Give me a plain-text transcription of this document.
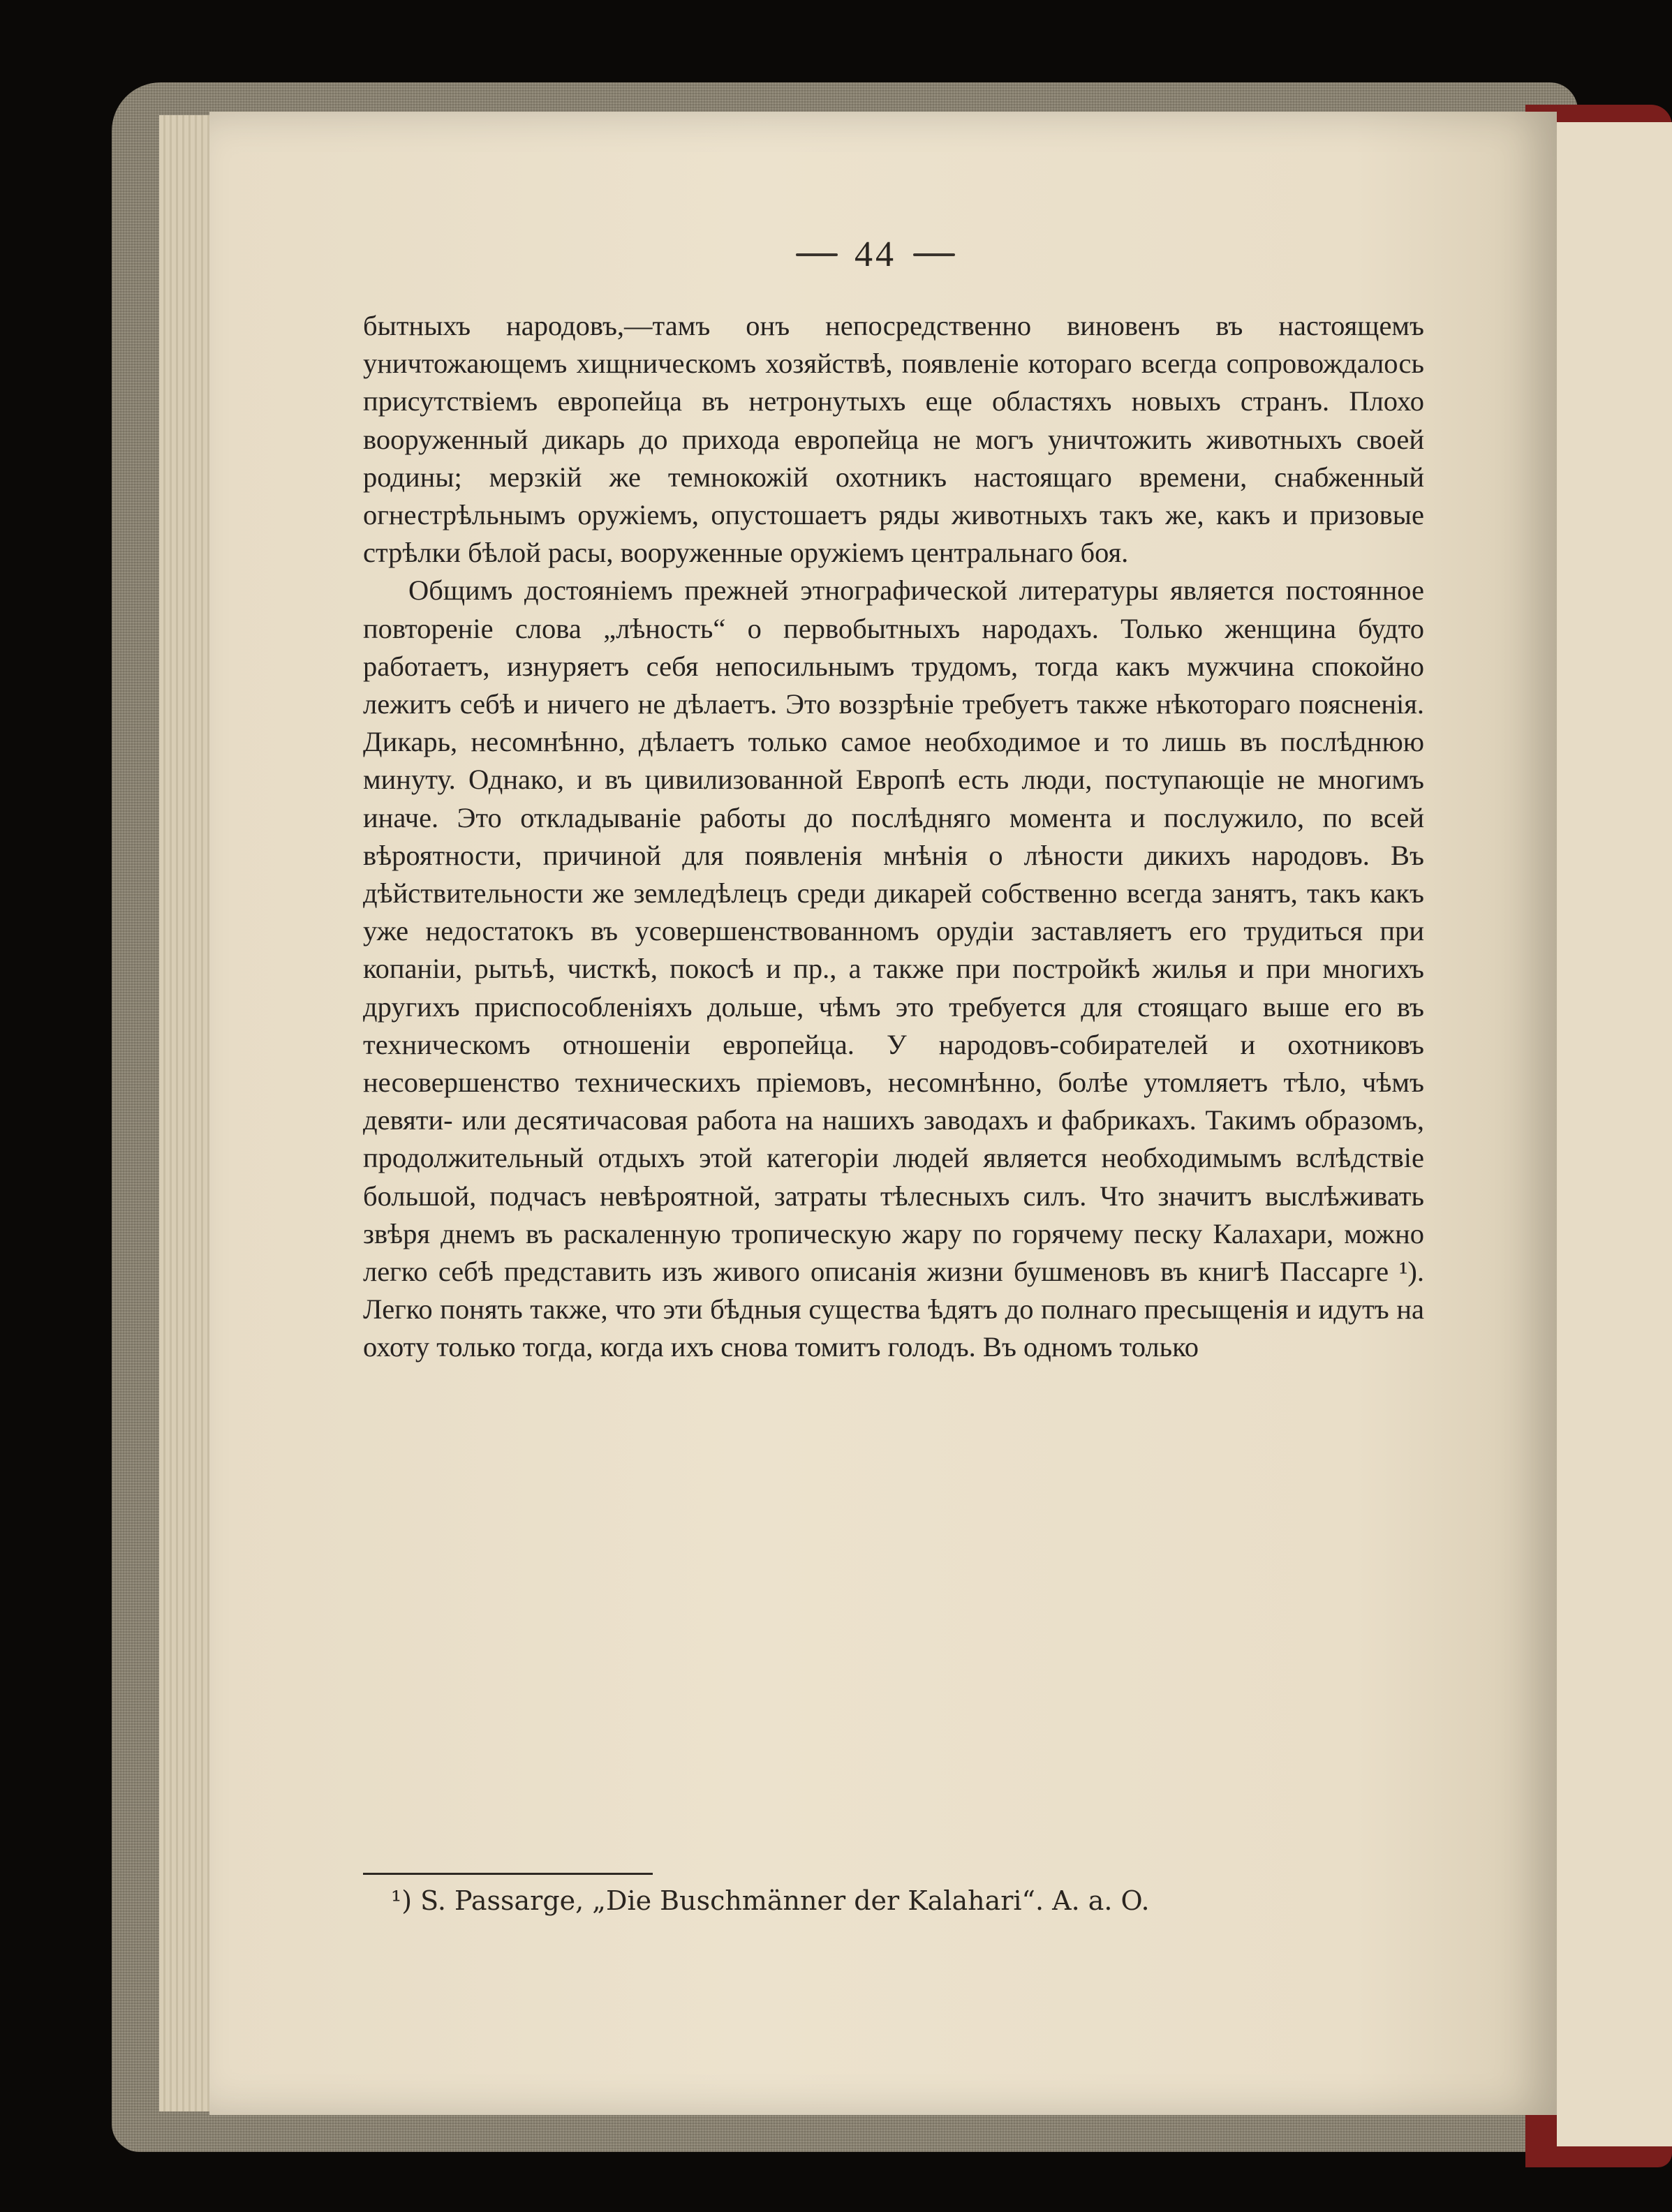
44

бытныхъ народовъ,—тамъ онъ непосредственно виновенъ въ настоящемъ уничтожающемъ хищническомъ хозяйствѣ, появленіе котораго всегда сопровождалось присутствіемъ европейца въ нетронутыхъ еще областяхъ новыхъ странъ. Плохо вооруженный дикарь до прихода европейца не могъ уничтожить животныхъ своей родины; мерзкій же темнокожій охотникъ настоящаго времени, снабженный огнестрѣльнымъ оружіемъ, опустошаетъ ряды животныхъ такъ же, какъ и призовые стрѣлки бѣлой расы, вооруженные оружіемъ центральнаго боя.

Общимъ достояніемъ прежней этнографической литературы является постоянное повтореніе слова „лѣность“ о первобытныхъ народахъ. Только женщина будто работаетъ, изнуряетъ себя непосильнымъ трудомъ, тогда какъ мужчина спокойно лежитъ себѣ и ничего не дѣлаетъ. Это воззрѣніе требуетъ также нѣкотораго поясненія. Дикарь, несомнѣнно, дѣлаетъ только самое необходимое и то лишь въ послѣднюю минуту. Однако, и въ цивилизованной Европѣ есть люди, поступающіе не многимъ иначе. Это откладываніе работы до послѣдняго момента и послужило, по всей вѣроятности, причиной для появленія мнѣнія о лѣности дикихъ народовъ. Въ дѣйствительности же земледѣлецъ среди дикарей собственно всегда занятъ, такъ какъ уже недостатокъ въ усовершенствованномъ орудіи заставляетъ его трудиться при копаніи, рытьѣ, чисткѣ, покосѣ и пр., а также при постройкѣ жилья и при многихъ другихъ приспособленіяхъ дольше, чѣмъ это требуется для стоящаго выше его въ техническомъ отношеніи европейца. У народовъ-собирателей и охотниковъ несовершенство техническихъ пріемовъ, несомнѣнно, болѣе утомляетъ тѣло, чѣмъ девяти- или десятичасовая работа на нашихъ заводахъ и фабрикахъ. Такимъ образомъ, продолжительный отдыхъ этой категоріи людей является необходимымъ вслѣдствіе большой, подчасъ невѣроятной, затраты тѣлесныхъ силъ. Что значитъ выслѣживать звѣря днемъ въ раскаленную тропическую жару по горячему песку Калахари, можно легко себѣ представить изъ живого описанія жизни бушменовъ въ книгѣ Пассарге ¹). Легко понять также, что эти бѣдныя существа ѣдятъ до полнаго пресыщенія и идутъ на охоту только тогда, когда ихъ снова томитъ голодъ. Въ одномъ только

¹) S. Passarge, „Die Buschmänner der Kalahari“. A. a. O.
